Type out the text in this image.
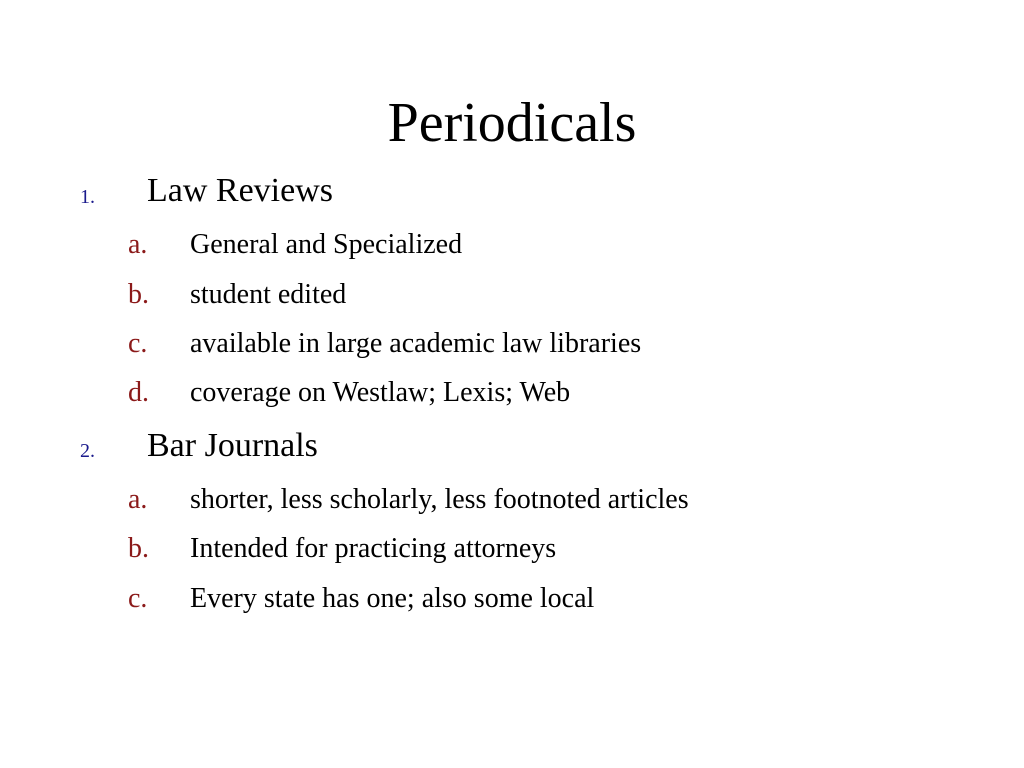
Periodicals
1. Law Reviews
a. General and Specialized
b. student edited
c. available in large academic law libraries
d. coverage on Westlaw; Lexis; Web
2. Bar Journals
a. shorter, less scholarly, less footnoted articles
b. Intended for practicing attorneys
c. Every state has one; also some local
